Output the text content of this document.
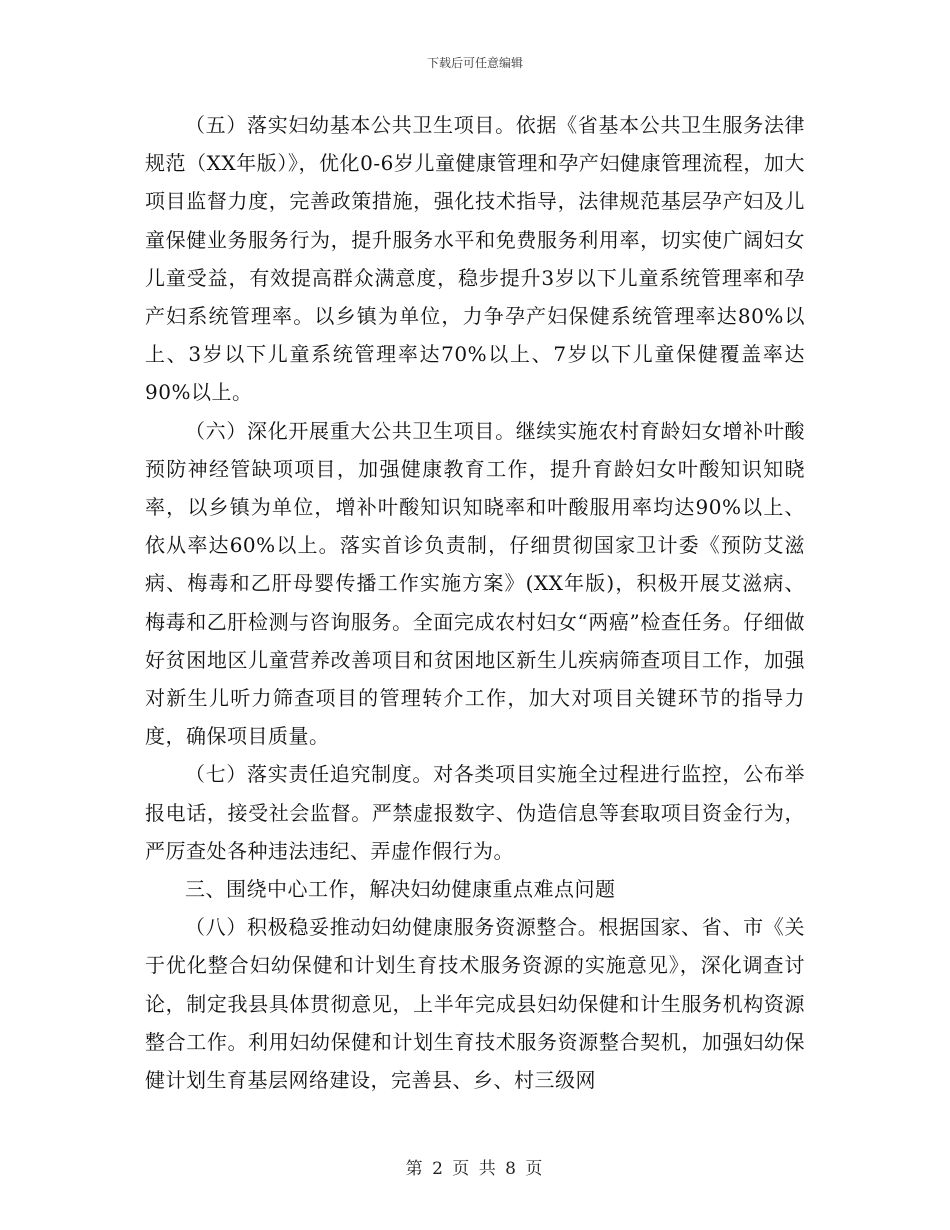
下载后可任意编辑

（五）落实妇幼基本公共卫生项目。依据《省基本公共卫生服务法律规范（XX年版）》，优化0-6岁儿童健康管理和孕产妇健康管理流程，加大项目监督力度，完善政策措施，强化技术指导，法律规范基层孕产妇及儿童保健业务服务行为，提升服务水平和免费服务利用率，切实使广阔妇女儿童受益，有效提高群众满意度，稳步提升3岁以下儿童系统管理率和孕产妇系统管理率。以乡镇为单位，力争孕产妇保健系统管理率达80%以上、3岁以下儿童系统管理率达70%以上、7岁以下儿童保健覆盖率达90%以上。

（六）深化开展重大公共卫生项目。继续实施农村育龄妇女增补叶酸预防神经管缺项项目，加强健康教育工作，提升育龄妇女叶酸知识知晓率，以乡镇为单位，增补叶酸知识知晓率和叶酸服用率均达90%以上、依从率达60%以上。落实首诊负责制，仔细贯彻国家卫计委《预防艾滋病、梅毒和乙肝母婴传播工作实施方案》(XX年版)，积极开展艾滋病、梅毒和乙肝检测与咨询服务。全面完成农村妇女“两癌”检查任务。仔细做好贫困地区儿童营养改善项目和贫困地区新生儿疾病筛查项目工作，加强对新生儿听力筛查项目的管理转介工作，加大对项目关键环节的指导力度，确保项目质量。

（七）落实责任追究制度。对各类项目实施全过程进行监控，公布举报电话，接受社会监督。严禁虚报数字、伪造信息等套取项目资金行为，严厉查处各种违法违纪、弄虚作假行为。

三、围绕中心工作，解决妇幼健康重点难点问题

（八）积极稳妥推动妇幼健康服务资源整合。根据国家、省、市《关于优化整合妇幼保健和计划生育技术服务资源的实施意见》，深化调查讨论，制定我县具体贯彻意见，上半年完成县妇幼保健和计生服务机构资源整合工作。利用妇幼保健和计划生育技术服务资源整合契机，加强妇幼保健计划生育基层网络建设，完善县、乡、村三级网

第 2 页 共 8 页
